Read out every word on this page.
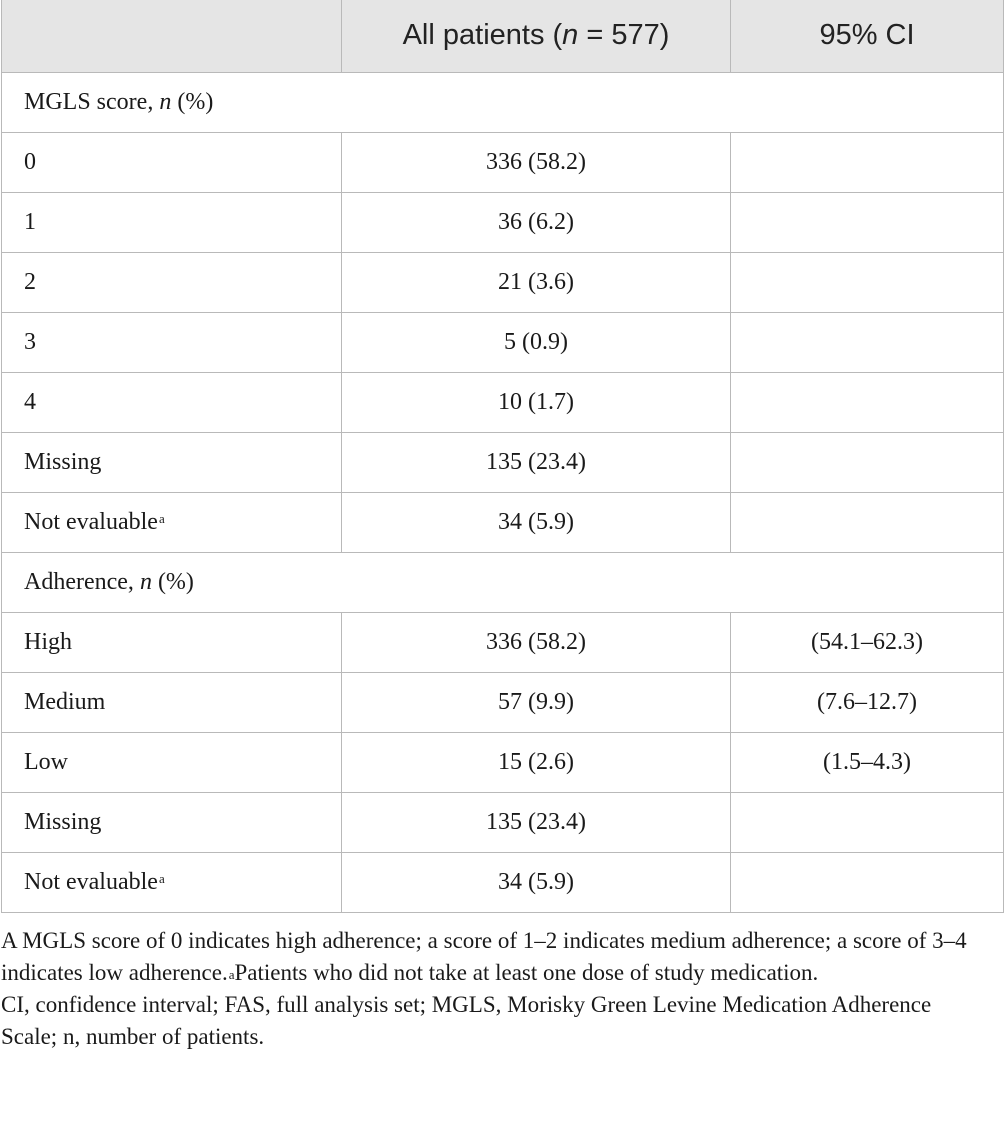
	All patients (n = 577)	95% CI
MGLS score, n (%)		
0	336 (58.2)	
1	36 (6.2)	
2	21 (3.6)	
3	5 (0.9)	
4	10 (1.7)	
Missing	135 (23.4)	
Not evaluable$^a$	34 (5.9)	
Adherence, n (%)		
High	336 (58.2)	(54.1–62.3)
Medium	57 (9.9)	(7.6–12.7)
Low	15 (2.6)	(1.5–4.3)
Missing	135 (23.4)	
Not evaluable$^a$	34 (5.9)	

A MGLS score of 0 indicates high adherence; a score of 1–2 indicates medium adherence; a score of 3–4 indicates low adherence.$^a$Patients who did not take at least one dose of study medication.

CI, confidence interval; FAS, full analysis set; MGLS, Morisky Green Levine Medication Adherence Scale; n, number of patients.
